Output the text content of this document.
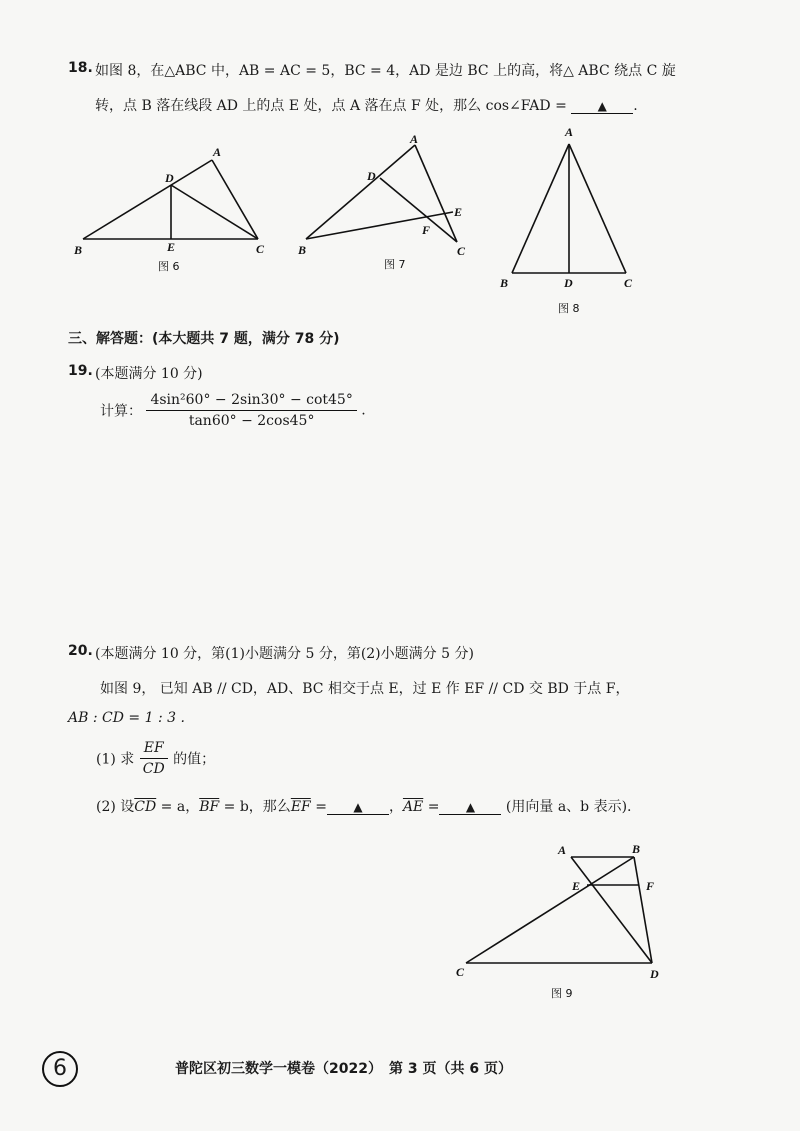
18. 如图 8，在△ABC 中，AB = AC = 5，BC = 4，AD 是边 BC 上的高，将△ ABC 绕点 C 旋
转，点 B 落在线段 AD 上的点 E 处，点 A 落在点 F 处，那么 cos∠FAD =	▲ .
A
D
B	E	C
图 6
A
D
E
F
B	C
图 7
A
B	D	C
图 8
三、解答题：(本大题共 7 题，满分 78 分)
19. (本题满分 10 分)
计算： $\frac{\text{4sin²60° − 2sin30° − cot45°}}{\tan 60^\circ - 2\cos 45^\circ}$ .
20. (本题满分 10 分，第(1)小题满分 5 分，第(2)小题满分 5 分)
如图 9， 已知 AB // CD，AD、BC 相交于点 E，过 E 作 EF // CD 交 BD 于点 F，
AB : CD = 1 : 3 .
(1) 求 $\frac{EF}{CD}$ 的值；
(2) 设$\overline{CD} = a$，$\overline{BF} = b$，那么$\overline{EF}$ = ▲ ，$\overline{AE}$ = ▲ (用向量 a、b 表示).
A	B
E	F
C	D
图 9
6	普陀区初三数学一模卷（2022）　第 3 页（共 6 页）
